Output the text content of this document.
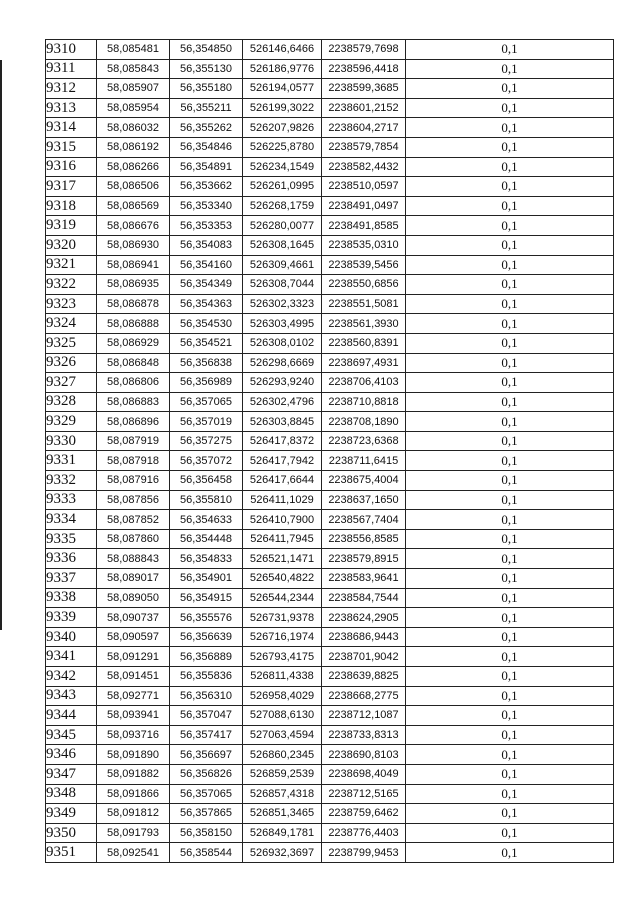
9310	58,085481	56,354850	526146,6466	2238579,7698	0,1
9311	58,085843	56,355130	526186,9776	2238596,4418	0,1
9312	58,085907	56,355180	526194,0577	2238599,3685	0,1
9313	58,085954	56,355211	526199,3022	2238601,2152	0,1
9314	58,086032	56,355262	526207,9826	2238604,2717	0,1
9315	58,086192	56,354846	526225,8780	2238579,7854	0,1
9316	58,086266	56,354891	526234,1549	2238582,4432	0,1
9317	58,086506	56,353662	526261,0995	2238510,0597	0,1
9318	58,086569	56,353340	526268,1759	2238491,0497	0,1
9319	58,086676	56,353353	526280,0077	2238491,8585	0,1
9320	58,086930	56,354083	526308,1645	2238535,0310	0,1
9321	58,086941	56,354160	526309,4661	2238539,5456	0,1
9322	58,086935	56,354349	526308,7044	2238550,6856	0,1
9323	58,086878	56,354363	526302,3323	2238551,5081	0,1
9324	58,086888	56,354530	526303,4995	2238561,3930	0,1
9325	58,086929	56,354521	526308,0102	2238560,8391	0,1
9326	58,086848	56,356838	526298,6669	2238697,4931	0,1
9327	58,086806	56,356989	526293,9240	2238706,4103	0,1
9328	58,086883	56,357065	526302,4796	2238710,8818	0,1
9329	58,086896	56,357019	526303,8845	2238708,1890	0,1
9330	58,087919	56,357275	526417,8372	2238723,6368	0,1
9331	58,087918	56,357072	526417,7942	2238711,6415	0,1
9332	58,087916	56,356458	526417,6644	2238675,4004	0,1
9333	58,087856	56,355810	526411,1029	2238637,1650	0,1
9334	58,087852	56,354633	526410,7900	2238567,7404	0,1
9335	58,087860	56,354448	526411,7945	2238556,8585	0,1
9336	58,088843	56,354833	526521,1471	2238579,8915	0,1
9337	58,089017	56,354901	526540,4822	2238583,9641	0,1
9338	58,089050	56,354915	526544,2344	2238584,7544	0,1
9339	58,090737	56,355576	526731,9378	2238624,2905	0,1
9340	58,090597	56,356639	526716,1974	2238686,9443	0,1
9341	58,091291	56,356889	526793,4175	2238701,9042	0,1
9342	58,091451	56,355836	526811,4338	2238639,8825	0,1
9343	58,092771	56,356310	526958,4029	2238668,2775	0,1
9344	58,093941	56,357047	527088,6130	2238712,1087	0,1
9345	58,093716	56,357417	527063,4594	2238733,8313	0,1
9346	58,091890	56,356697	526860,2345	2238690,8103	0,1
9347	58,091882	56,356826	526859,2539	2238698,4049	0,1
9348	58,091866	56,357065	526857,4318	2238712,5165	0,1
9349	58,091812	56,357865	526851,3465	2238759,6462	0,1
9350	58,091793	56,358150	526849,1781	2238776,4403	0,1
9351	58,092541	56,358544	526932,3697	2238799,9453	0,1
